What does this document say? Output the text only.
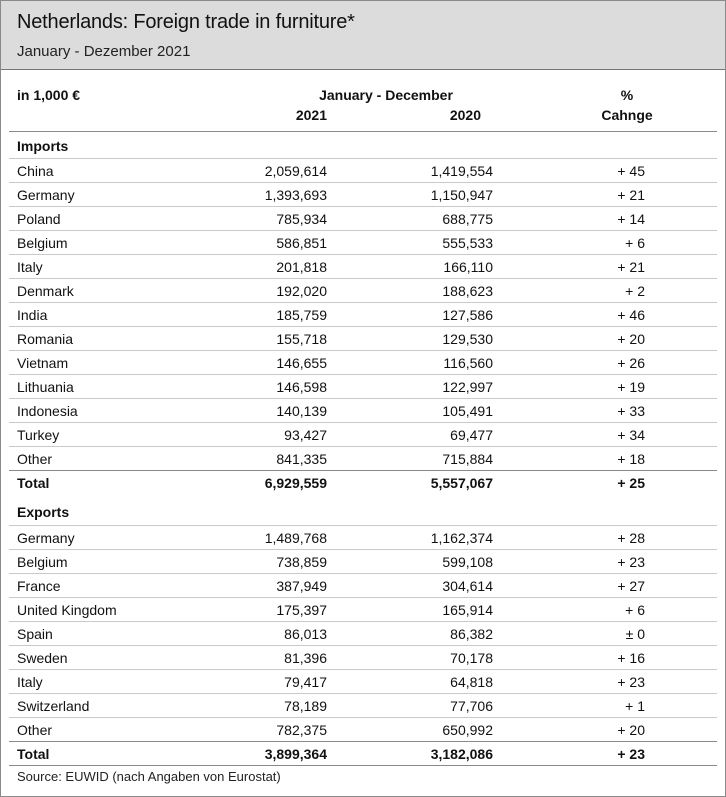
Netherlands: Foreign trade in furniture*
January - Dezember 2021
in 1,000 €	January - December
2021	2020
%
Cahnge
Imports
China	2,059,614	1,419,554	+ 45
Germany	1,393,693	1,150,947	+ 21
Poland	785,934	688,775	+ 14
Belgium	586,851	555,533	+ 6
Italy	201,818	166,110	+ 21
Denmark	192,020	188,623	+ 2
India	185,759	127,586	+ 46
Romania	155,718	129,530	+ 20
Vietnam	146,655	116,560	+ 26
Lithuania	146,598	122,997	+ 19
Indonesia	140,139	105,491	+ 33
Turkey	93,427	69,477	+ 34
Other	841,335	715,884	+ 18
Total	6,929,559	5,557,067	+ 25
Exports
Germany	1,489,768	1,162,374	+ 28
Belgium	738,859	599,108	+ 23
France	387,949	304,614	+ 27
United Kingdom	175,397	165,914	+ 6
Spain	86,013	86,382	± 0
Sweden	81,396	70,178	+ 16
Italy	79,417	64,818	+ 23
Switzerland	78,189	77,706	+ 1
Other	782,375	650,992	+ 20
Total	3,899,364	3,182,086	+ 23
Source: EUWID (nach Angaben von Eurostat)
